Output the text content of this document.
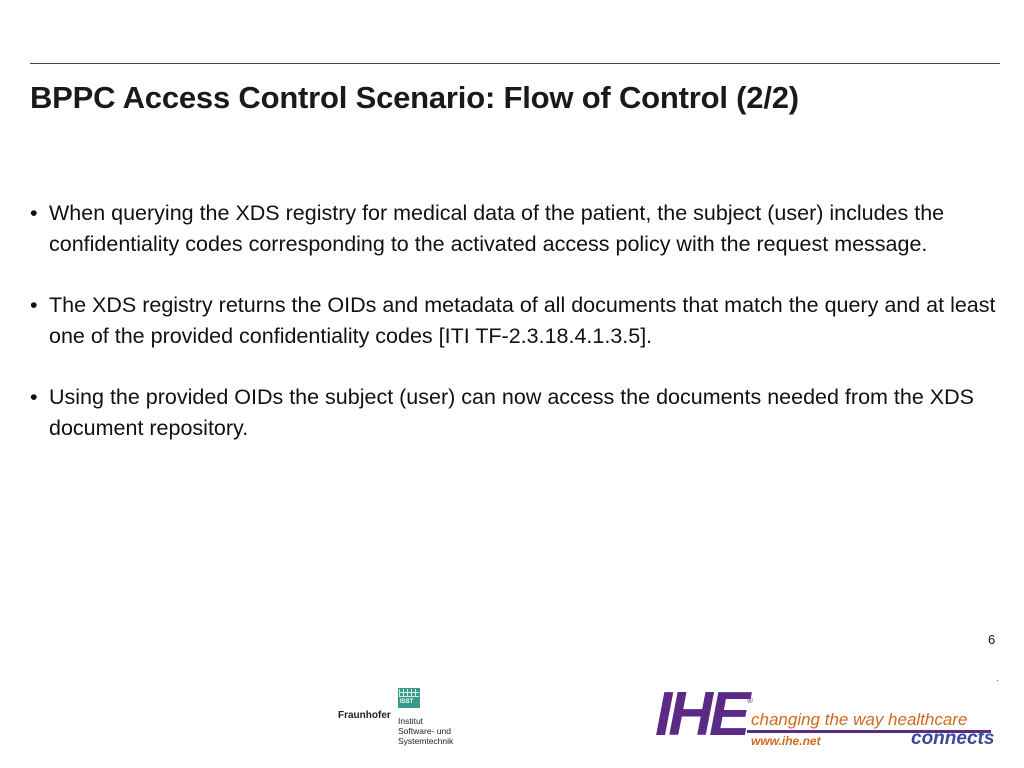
BPPC Access Control Scenario: Flow of Control (2/2)
• When querying the XDS registry for medical data of the patient, the subject (user) includes the confidentiality codes corresponding to the activated access policy with the request message.
• The XDS registry returns the OIDs and metadata of all documents that match the query and at least one of the provided confidentiality codes [ITI TF-2.3.18.4.1.3.5].
• Using the provided OIDs the subject (user) can now access the documents needed from the XDS document repository.
6
.
Fraunhofer
ISST
Institut
Software- und
Systemtechnik	IHE ®
changing the way healthcare
www.ihe.net	connects
